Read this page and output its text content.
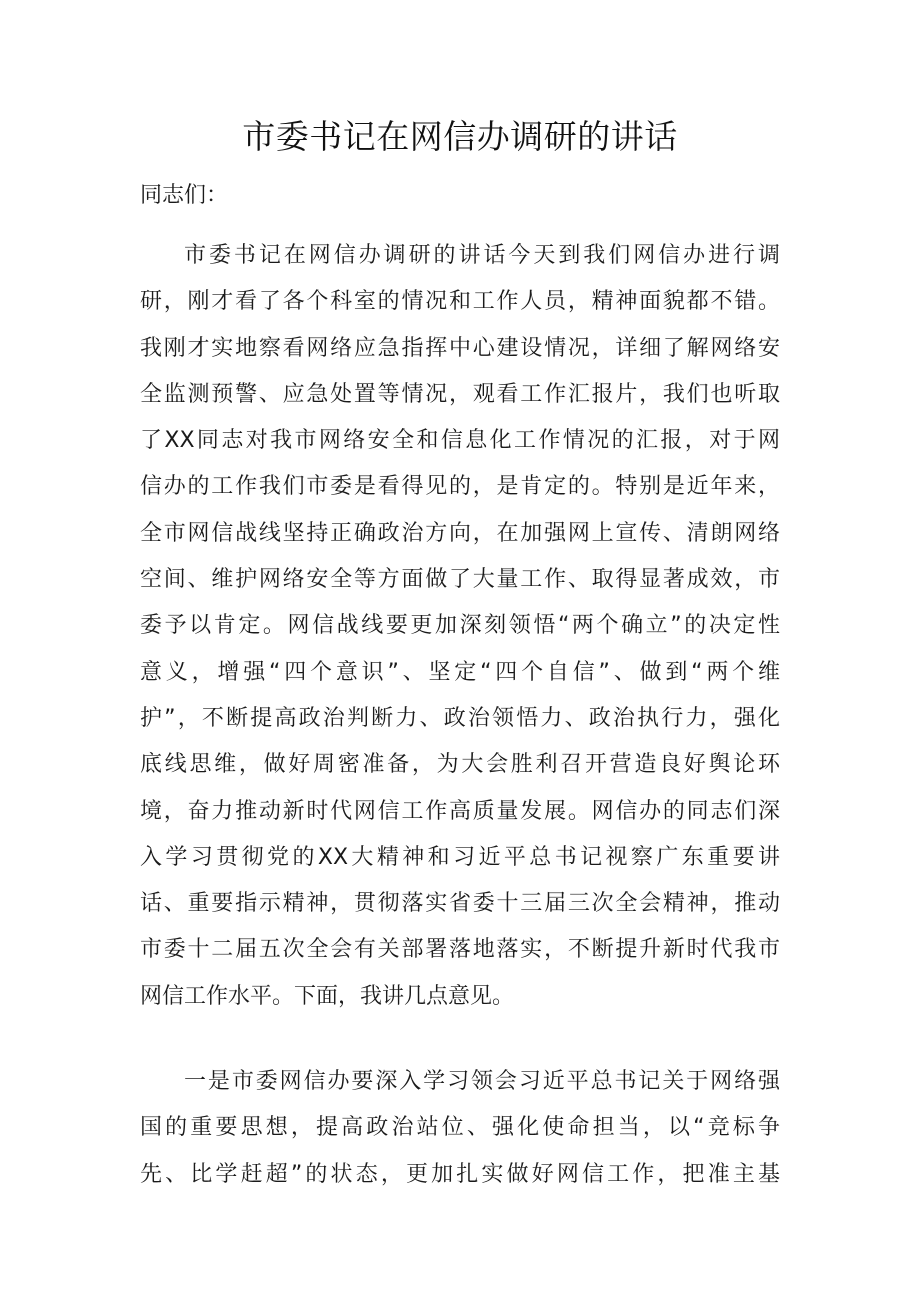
市委书记在网信办调研的讲话
同志们：
市委书记在网信办调研的讲话今天到我们网信办进行调
研，刚才看了各个科室的情况和工作人员，精神面貌都不错。
我刚才实地察看网络应急指挥中心建设情况，详细了解网络安
全监测预警、应急处置等情况，观看工作汇报片，我们也听取
了XX同志对我市网络安全和信息化工作情况的汇报，对于网
信办的工作我们市委是看得见的，是肯定的。特别是近年来，
全市网信战线坚持正确政治方向，在加强网上宣传、清朗网络
空间、维护网络安全等方面做了大量工作、取得显著成效，市
委予以肯定。网信战线要更加深刻领悟“两个确立”的决定性
意义，增强“四个意识”、坚定“四个自信”、做到“两个维
护”，不断提高政治判断力、政治领悟力、政治执行力，强化
底线思维，做好周密准备，为大会胜利召开营造良好舆论环
境，奋力推动新时代网信工作高质量发展。网信办的同志们深
入学习贯彻党的XX大精神和习近平总书记视察广东重要讲
话、重要指示精神，贯彻落实省委十三届三次全会精神，推动
市委十二届五次全会有关部署落地落实，不断提升新时代我市
网信工作水平。下面，我讲几点意见。
一是市委网信办要深入学习领会习近平总书记关于网络强
国的重要思想，提高政治站位、强化使命担当，以“竞标争
先、比学赶超”的状态，更加扎实做好网信工作，把准主基
